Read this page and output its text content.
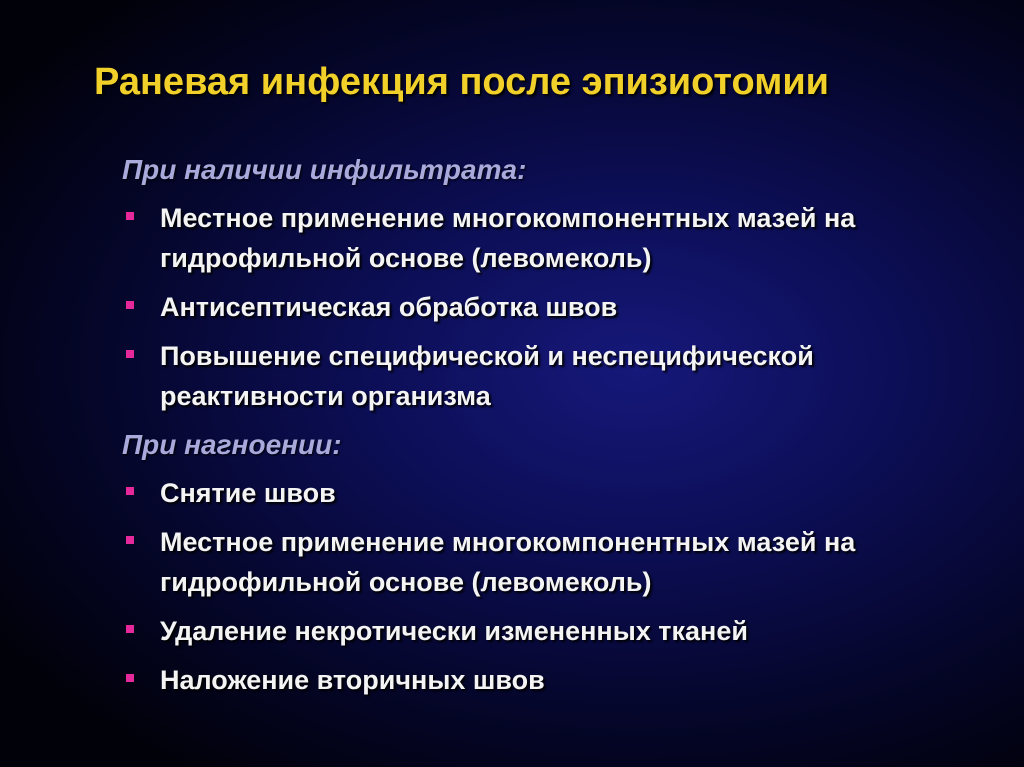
Раневая инфекция после эпизиотомии
При наличии инфильтрата:
Местное применение многокомпонентных мазей на гидрофильной основе (левомеколь)
Антисептическая обработка швов
Повышение специфической и неспецифической реактивности организма
При нагноении:
Снятие швов
Местное применение многокомпонентных мазей на гидрофильной основе (левомеколь)
Удаление некротически измененных тканей
Наложение вторичных швов
